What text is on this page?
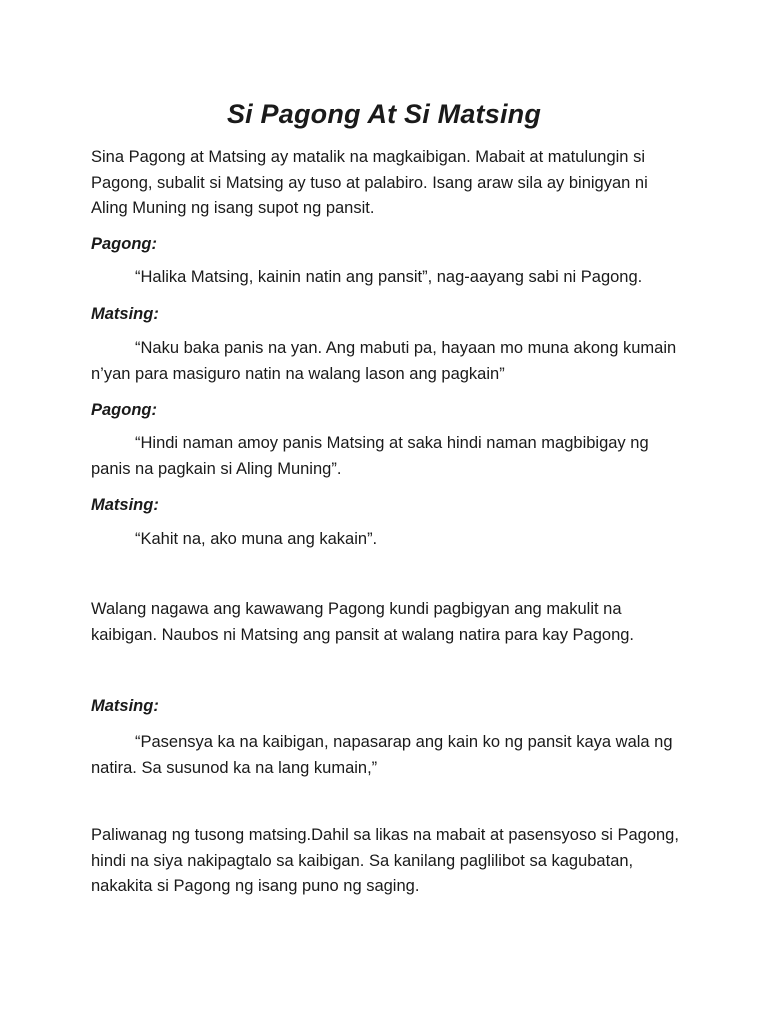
Si Pagong At Si Matsing

Sina Pagong at Matsing ay matalik na magkaibigan. Mabait at matulungin si Pagong, subalit si Matsing ay tuso at palabiro. Isang araw sila ay binigyan ni Aling Muning ng isang supot ng pansit.

Pagong:

“Halika Matsing, kainin natin ang pansit”, nag-aayang sabi ni Pagong.

Matsing:

“Naku baka panis na yan. Ang mabuti pa, hayaan mo muna akong kumain n’yan para masiguro natin na walang lason ang pagkain”

Pagong:

“Hindi naman amoy panis Matsing at saka hindi naman magbibigay ng panis na pagkain si Aling Muning”.

Matsing:

“Kahit na, ako muna ang kakain”.

Walang nagawa ang kawawang Pagong kundi pagbigyan ang makulit na kaibigan. Naubos ni Matsing ang pansit at walang natira para kay Pagong.

Matsing:

“Pasensya ka na kaibigan, napasarap ang kain ko ng pansit kaya wala ng natira. Sa susunod ka na lang kumain,”

Paliwanag ng tusong matsing.Dahil sa likas na mabait at pasensyoso si Pagong, hindi na siya nakipagtalo sa kaibigan. Sa kanilang paglilibot sa kagubatan, nakakita si Pagong ng isang puno ng saging.
